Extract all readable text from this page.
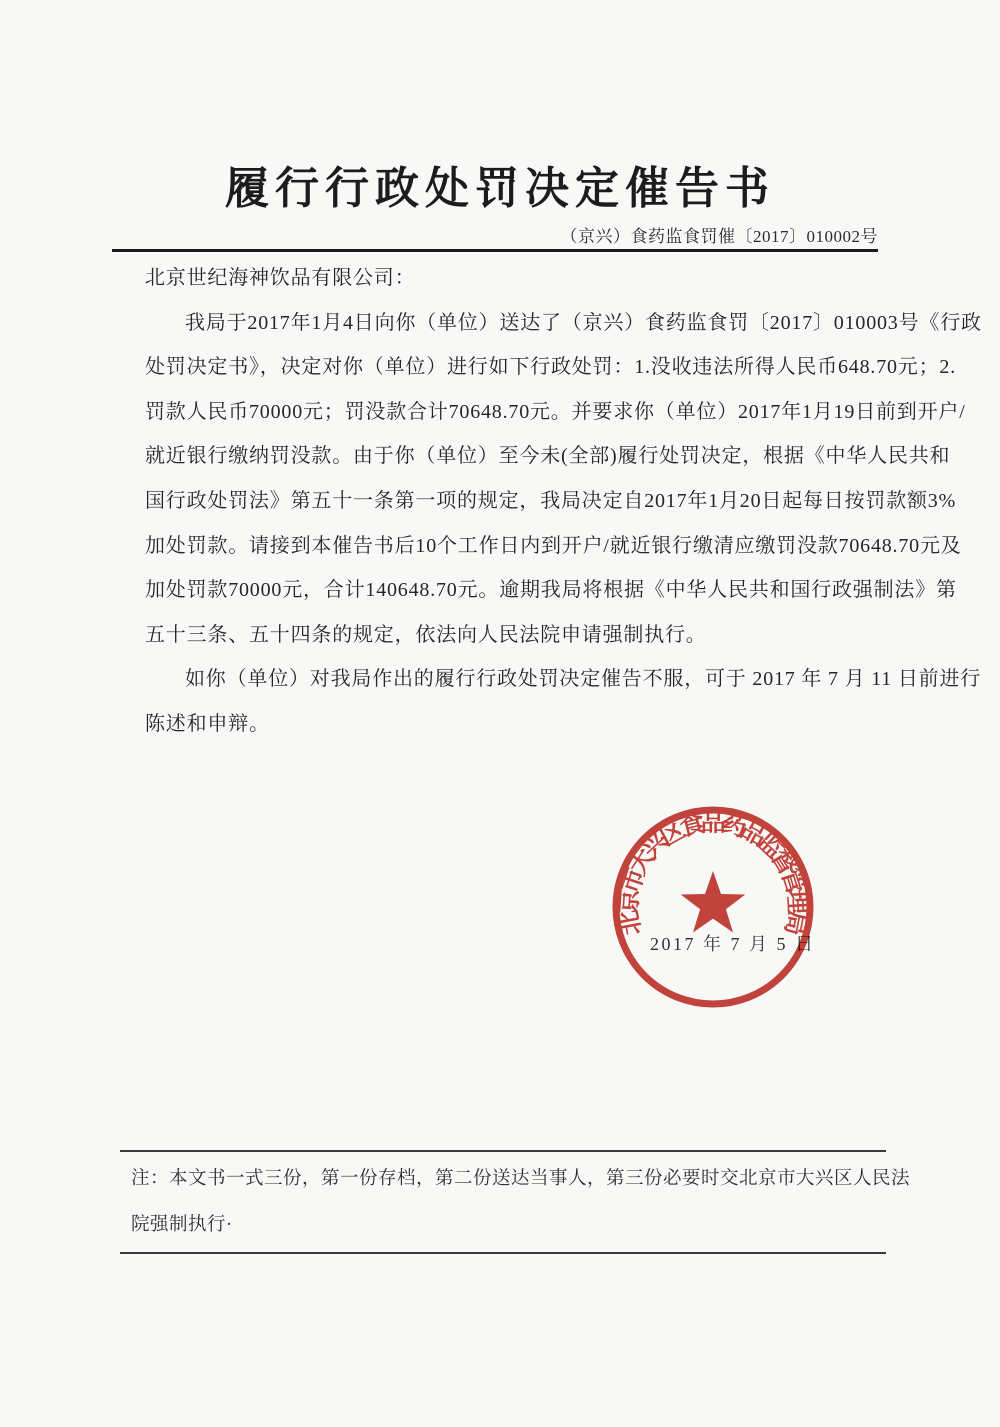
履行行政处罚决定催告书
（京兴）食药监食罚催〔2017〕010002号
北京世纪海神饮品有限公司：
我局于2017年1月4日向你（单位）送达了（京兴）食药监食罚〔2017〕010003号《行政
处罚决定书》，决定对你（单位）进行如下行政处罚：1.没收违法所得人民币648.70元；2.
罚款人民币70000元；罚没款合计70648.70元。并要求你（单位）2017年1月19日前到开户/
就近银行缴纳罚没款。由于你（单位）至今未(全部)履行处罚决定，根据《中华人民共和
国行政处罚法》第五十一条第一项的规定，我局决定自2017年1月20日起每日按罚款额3%
加处罚款。请接到本催告书后10个工作日内到开户/就近银行缴清应缴罚没款70648.70元及
加处罚款70000元，合计140648.70元。逾期我局将根据《中华人民共和国行政强制法》第
五十三条、五十四条的规定，依法向人民法院申请强制执行。
如你（单位）对我局作出的履行行政处罚决定催告不服，可于 2017 年 7 月 11 日前进行
陈述和申辩。
2017 年 7 月 5 日
北京市大兴区食品药品监督管理局
注：本文书一式三份，第一份存档，第二份送达当事人，第三份必要时交北京市大兴区人民法
院强制执行·
